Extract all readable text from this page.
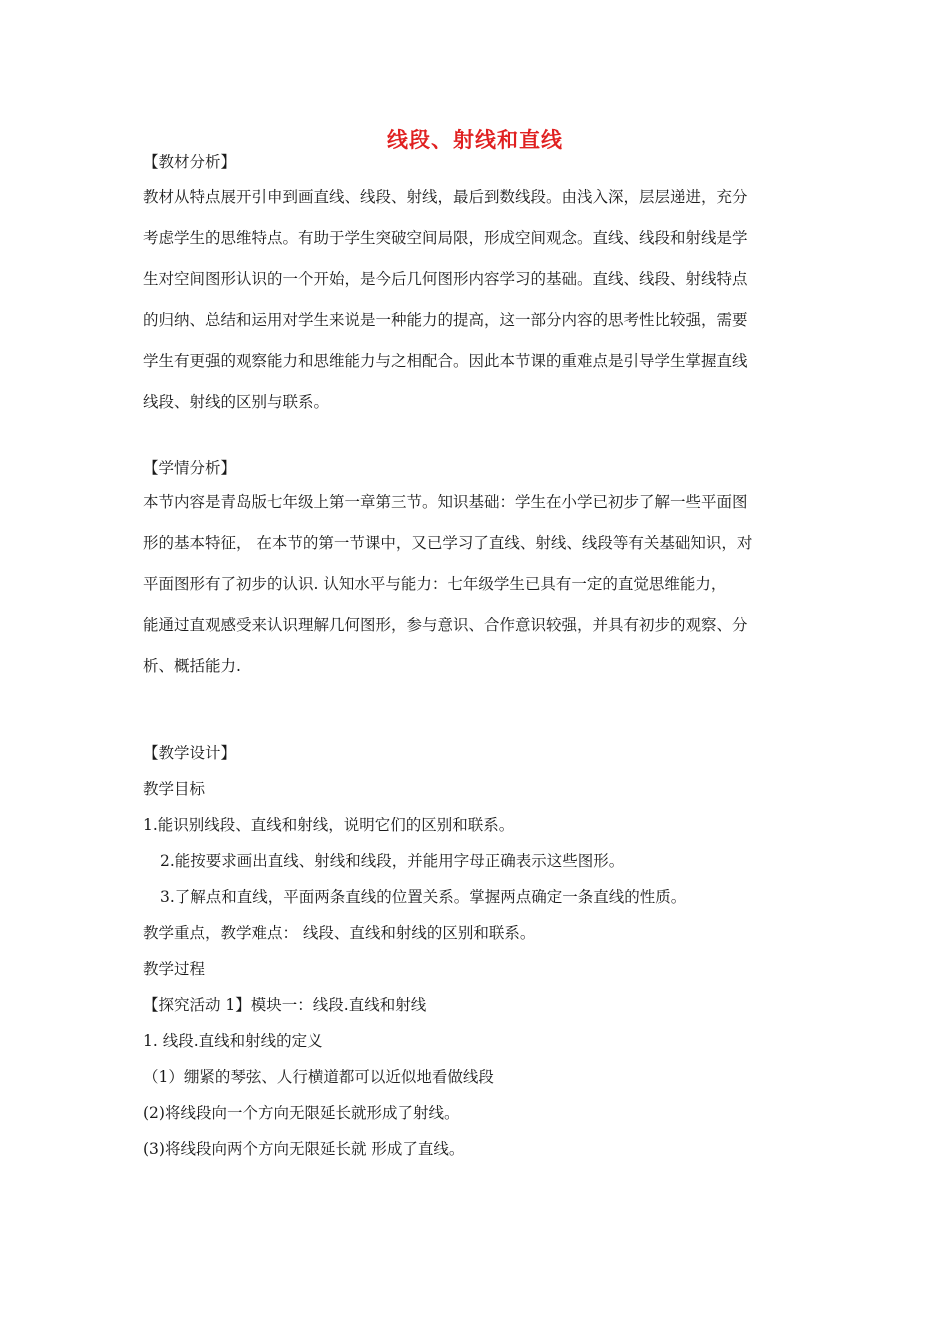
线段、射线和直线
【教材分析】
教材从特点展开引申到画直线、线段、射线，最后到数线段。由浅入深，层层递进，充分
考虑学生的思维特点。有助于学生突破空间局限，形成空间观念。直线、线段和射线是学
生对空间图形认识的一个开始，是今后几何图形内容学习的基础。直线、线段、射线特点
的归纳、总结和运用对学生来说是一种能力的提高，这一部分内容的思考性比较强，需要
学生有更强的观察能力和思维能力与之相配合。因此本节课的重难点是引导学生掌握直线
线段、射线的区别与联系。
【学情分析】
本节内容是青岛版七年级上第一章第三节。知识基础：学生在小学已初步了解一些平面图
形的基本特征， 在本节的第一节课中，又已学习了直线、射线、线段等有关基础知识，对
平面图形有了初步的认识. 认知水平与能力：七年级学生已具有一定的直觉思维能力，
能通过直观感受来认识理解几何图形，参与意识、合作意识较强，并具有初步的观察、分
析、概括能力.
【教学设计】
教学目标
1.能识别线段、直线和射线，说明它们的区别和联系。
2.能按要求画出直线、射线和线段，并能用字母正确表示这些图形。
3.了解点和直线，平面两条直线的位置关系。掌握两点确定一条直线的性质。
教学重点，教学难点： 线段、直线和射线的区别和联系。
教学过程
【探究活动 1】模块一：线段.直线和射线
1. 线段.直线和射线的定义
（1）绷紧的琴弦、人行横道都可以近似地看做线段
(2)将线段向一个方向无限延长就形成了射线。
(3)将线段向两个方向无限延长就 形成了直线。
